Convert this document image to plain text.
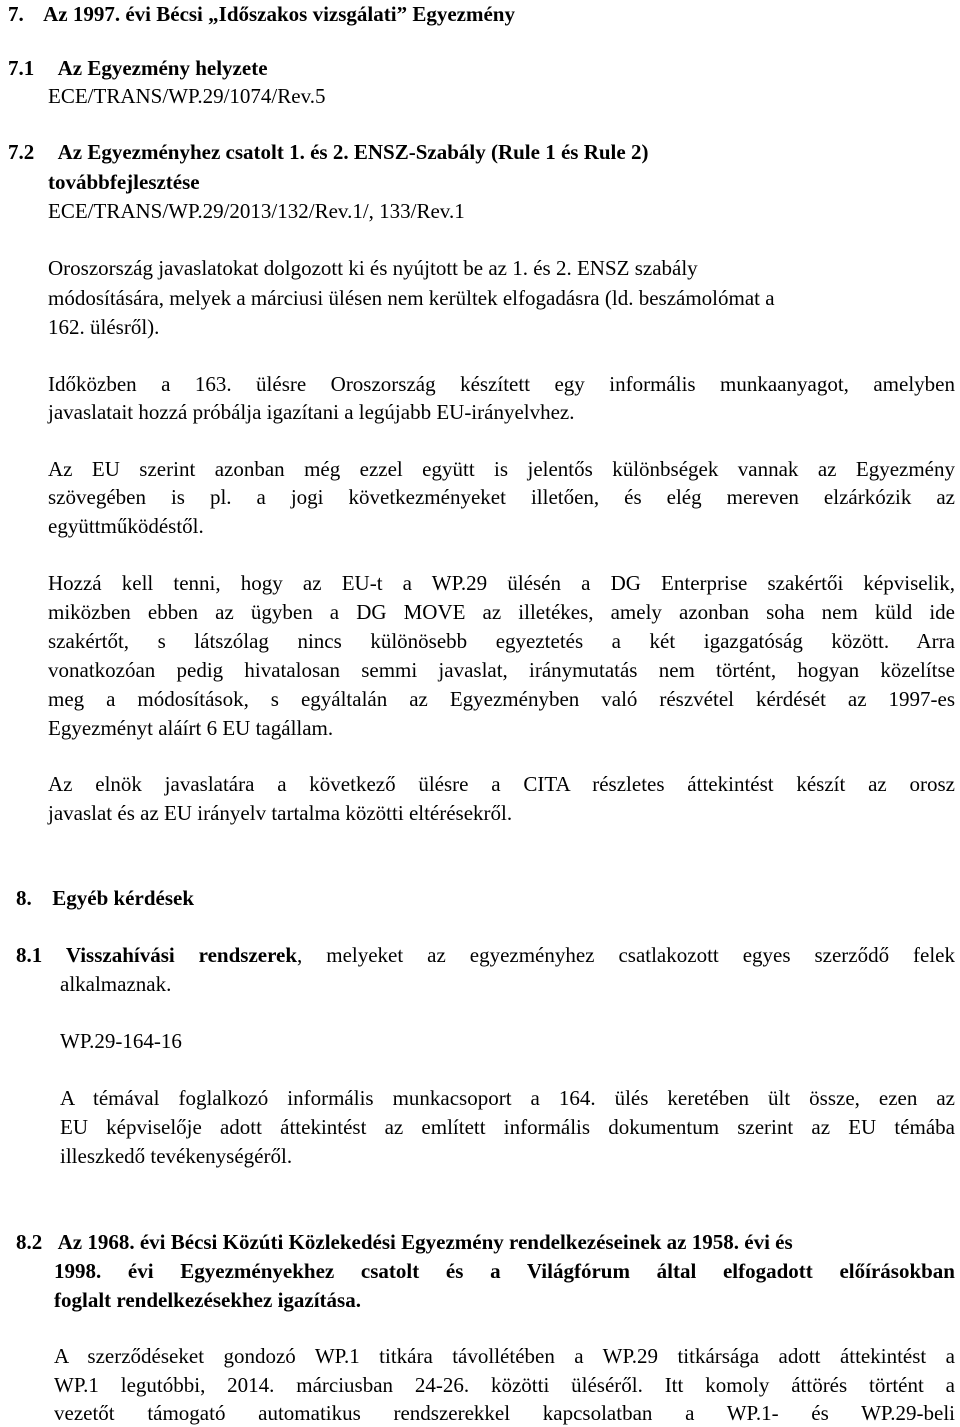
7. Az 1997. évi Bécsi „Időszakos vizsgálati” Egyezmény
7.1 Az Egyezmény helyzete
ECE/TRANS/WP.29/1074/Rev.5
7.2 Az Egyezményhez csatolt 1. és 2. ENSZ-Szabály (Rule 1 és Rule 2)
továbbfejlesztése
ECE/TRANS/WP.29/2013/132/Rev.1/, 133/Rev.1
Oroszország javaslatokat dolgozott ki és nyújtott be az 1. és 2. ENSZ szabály
módosítására, melyek a márciusi ülésen nem kerültek elfogadásra (ld. beszámolómat a
162. ülésről).
Időközben a 163. ülésre Oroszország készített egy informális munkaanyagot, amelyben
javaslatait hozzá próbálja igazítani a legújabb EU-irányelvhez.
Az EU szerint azonban még ezzel együtt is jelentős különbségek vannak az Egyezmény
szövegében is pl. a jogi következményeket illetően, és elég mereven elzárkózik az
együttműködéstől.
Hozzá kell tenni, hogy az EU-t a WP.29 ülésén a DG Enterprise szakértői képviselik,
miközben ebben az ügyben a DG MOVE az illetékes, amely azonban soha nem küld ide
szakértőt, s látszólag nincs különösebb egyeztetés a két igazgatóság között. Arra
vonatkozóan pedig hivatalosan semmi javaslat, iránymutatás nem történt, hogyan közelítse
meg a módosítások, s egyáltalán az Egyezményben való részvétel kérdését az 1997-es
Egyezményt aláírt 6 EU tagállam.
Az elnök javaslatára a következő ülésre a CITA részletes áttekintést készít az orosz
javaslat és az EU irányelv tartalma közötti eltérésekről.
8. Egyéb kérdések
8.1 Visszahívási rendszerek, melyeket az egyezményhez csatlakozott egyes szerződő felek
alkalmaznak.
WP.29-164-16
A témával foglalkozó informális munkacsoport a 164. ülés keretében ült össze, ezen az
EU képviselője adott áttekintést az említett informális dokumentum szerint az EU témába
illeszkedő tevékenységéről.
8.2 Az 1968. évi Bécsi Közúti Közlekedési Egyezmény rendelkezéseinek az 1958. évi és
1998. évi Egyezményekhez csatolt és a Világfórum által elfogadott előírásokban
foglalt rendelkezésekhez igazítása.
A szerződéseket gondozó WP.1 titkára távollétében a WP.29 titkársága adott áttekintést a
WP.1 legutóbbi, 2014. márciusban 24-26. közötti üléséről. Itt komoly áttörés történt a
vezetőt támogató automatikus rendszerekkel kapcsolatban a WP.1- és WP.29-beli
